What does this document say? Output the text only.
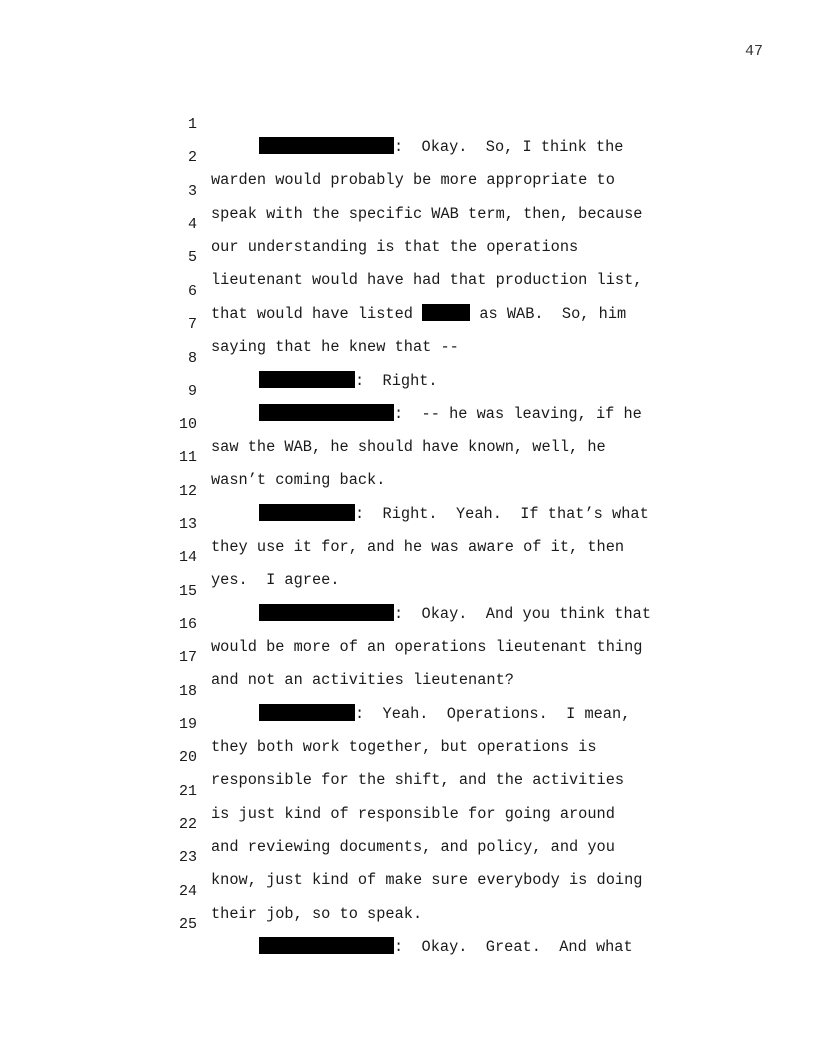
47

1

:  Okay.  So, I think the

2

warden would probably be more appropriate to

3

speak with the specific WAB term, then, because

4

our understanding is that the operations

5

lieutenant would have had that production list,

6

that would have listed	as WAB.  So, him

7

saying that he knew that --

8

:  Right.

9

:  -- he was leaving, if he

10

saw the WAB, he should have known, well, he

11

wasn’t coming back.

12

:  Right.  Yeah.  If that’s what

13

they use it for, and he was aware of it, then

14

yes.  I agree.

15

:  Okay.  And you think that

16

would be more of an operations lieutenant thing

17

and not an activities lieutenant?

18

:  Yeah.  Operations.  I mean,

19

they both work together, but operations is

20

responsible for the shift, and the activities

21

is just kind of responsible for going around

22

and reviewing documents, and policy, and you

23

know, just kind of make sure everybody is doing

24

their job, so to speak.

25

:  Okay.  Great.  And what
